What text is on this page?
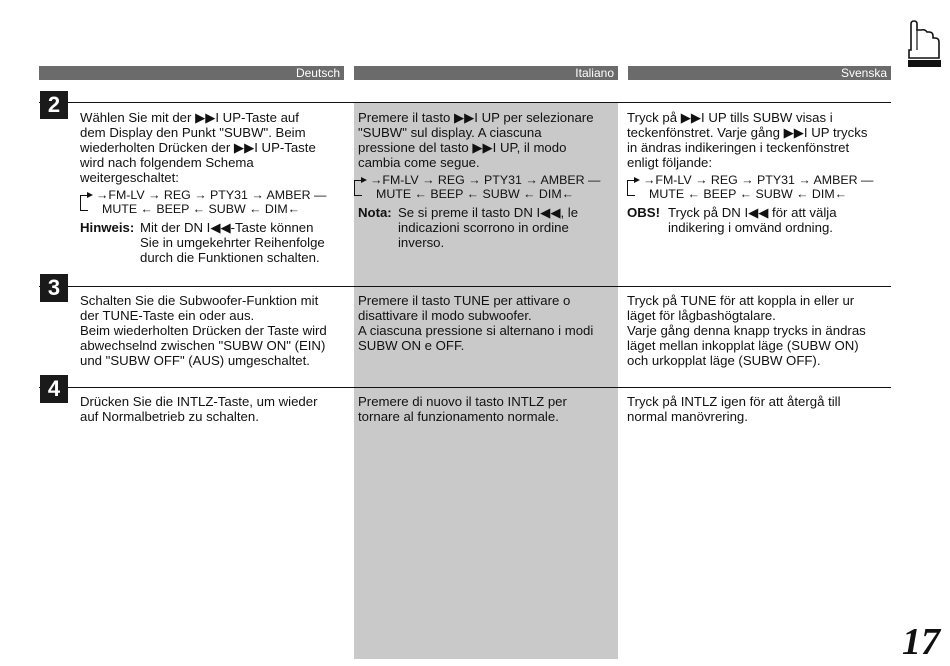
Deutsch	Italiano	Svenska
2
3
4

Wählen Sie mit der ▶▶I UP-Taste auf
dem Display den Punkt "SUBW". Beim
wiederholten Drücken der ▶▶I UP-Taste
wird nach folgendem Schema
weitergeschaltet:

→FM-LV → REG → PTY31 → AMBER —
MUTE ← BEEP ← SUBW ← DIM←
Hinweis: Mit der DN I◀◀-Taste können
Sie in umgekehrter Reihenfolge
durch die Funktionen schalten.

Premere il tasto ▶▶I UP per selezionare
"SUBW" sul display. A ciascuna
pressione del tasto ▶▶I UP, il modo
cambia come segue.

→FM-LV → REG → PTY31 → AMBER —
MUTE ← BEEP ← SUBW ← DIM←
Nota: Se si preme il tasto DN I◀◀, le
indicazioni scorrono in ordine
inverso.

Tryck på ▶▶I UP tills SUBW visas i
teckenfönstret. Varje gång ▶▶I UP trycks
in ändras indikeringen i teckenfönstret
enligt följande:

→FM-LV → REG → PTY31 → AMBER —
MUTE ← BEEP ← SUBW ← DIM←
OBS! Tryck på DN I◀◀ för att välja
indikering i omvänd ordning.

Schalten Sie die Subwoofer-Funktion mit
der TUNE-Taste ein oder aus.
Beim wiederholten Drücken der Taste wird
abwechselnd zwischen "SUBW ON" (EIN)
und "SUBW OFF" (AUS) umgeschaltet.

Premere il tasto TUNE per attivare o
disattivare il modo subwoofer.
A ciascuna pressione si alternano i modi
SUBW ON e OFF.

Tryck på TUNE för att koppla in eller ur
läget för lågbashögtalare.
Varje gång denna knapp trycks in ändras
läget mellan inkopplat läge (SUBW ON)
och urkopplat läge (SUBW OFF).

Drücken Sie die INTLZ-Taste, um wieder
auf Normalbetrieb zu schalten.

Premere di nuovo il tasto INTLZ per
tornare al funzionamento normale.

Tryck på INTLZ igen för att återgå till
normal manövrering.

17
